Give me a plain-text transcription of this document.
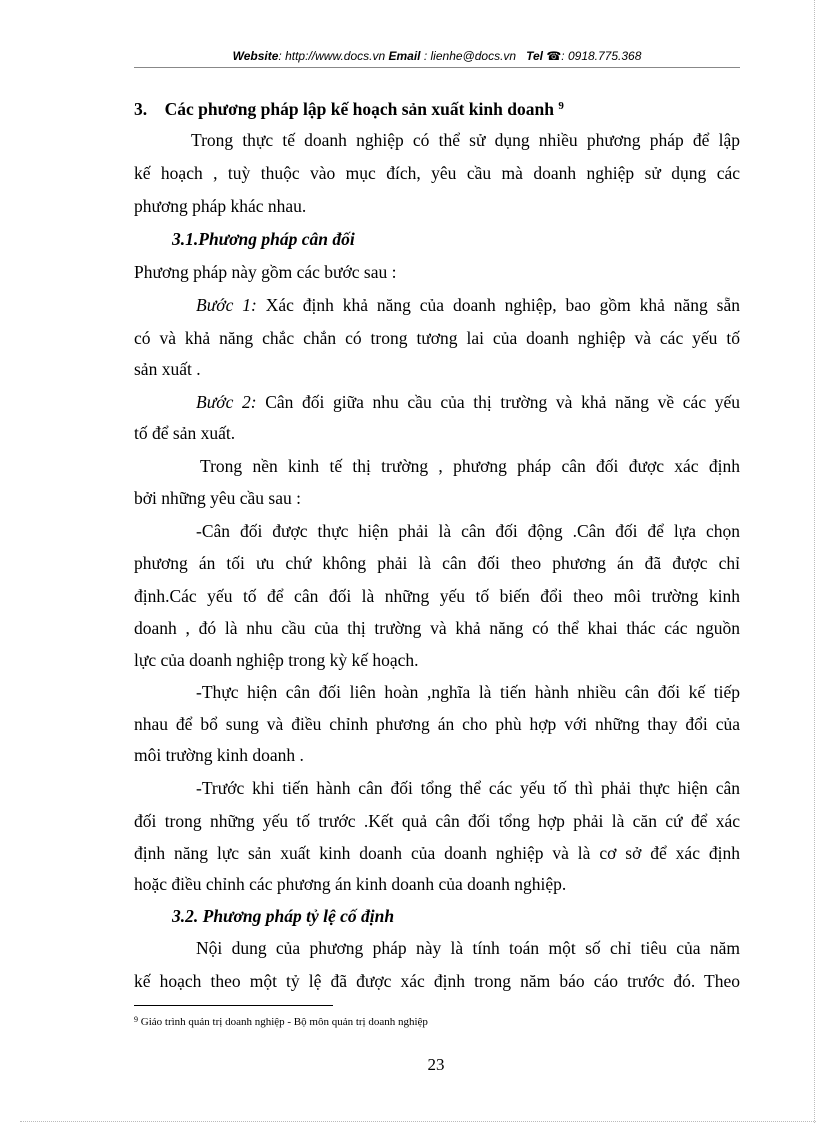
Website: http://www.docs.vn Email : lienhe@docs.vn Tel ☎: 0918.775.368
3. Các phương pháp lập kế hoạch sản xuất kinh doanh $^9$
Trong thực tế doanh nghiệp có thể sử dụng nhiều phương pháp để lập
kế hoạch , tuỳ thuộc vào mục đích, yêu cầu mà doanh nghiệp sử dụng các
phương pháp khác nhau.
3.1.Phương pháp cân đối
Phương pháp này gồm các bước sau :
Bước 1: Xác định khả năng của doanh nghiệp, bao gồm khả năng sẵn
có và khả năng chắc chắn có trong tương lai của doanh nghiệp và các yếu tố
sản xuất .
Bước 2: Cân đối giữa nhu cầu của thị trường và khả năng về các yếu
tố để sản xuất.
Trong nền kinh tế thị trường , phương pháp cân đối được xác định
bởi những yêu cầu sau :
-Cân đối được thực hiện phải là cân đối động .Cân đối để lựa chọn
phương án tối ưu chứ không phải là cân đối theo phương án đã được chỉ
định.Các yếu tố để cân đối là những yếu tố biến đổi theo môi trường kinh
doanh , đó là nhu cầu của thị trường và khả năng có thể khai thác các nguồn
lực của doanh nghiệp trong kỳ kế hoạch.
-Thực hiện cân đối liên hoàn ,nghĩa là tiến hành nhiều cân đối kế tiếp
nhau để bổ sung và điều chỉnh phương án cho phù hợp với những thay đổi của
môi trường kinh doanh .
-Trước khi tiến hành cân đối tổng thể các yếu tố thì phải thực hiện cân
đối trong những yếu tố trước .Kết quả cân đối tổng hợp phải là căn cứ để xác
định năng lực sản xuất kinh doanh của doanh nghiệp và là cơ sở để xác định
hoặc điều chỉnh các phương án kinh doanh của doanh nghiệp.
3.2. Phương pháp tỷ lệ cố định
Nội dung của phương pháp này là tính toán một số chỉ tiêu của năm
kế hoạch theo một tỷ lệ đã được xác định trong năm báo cáo trước đó. Theo
$^9$ Giáo trình quản trị doanh nghiệp - Bộ môn quản trị doanh nghiệp
23
